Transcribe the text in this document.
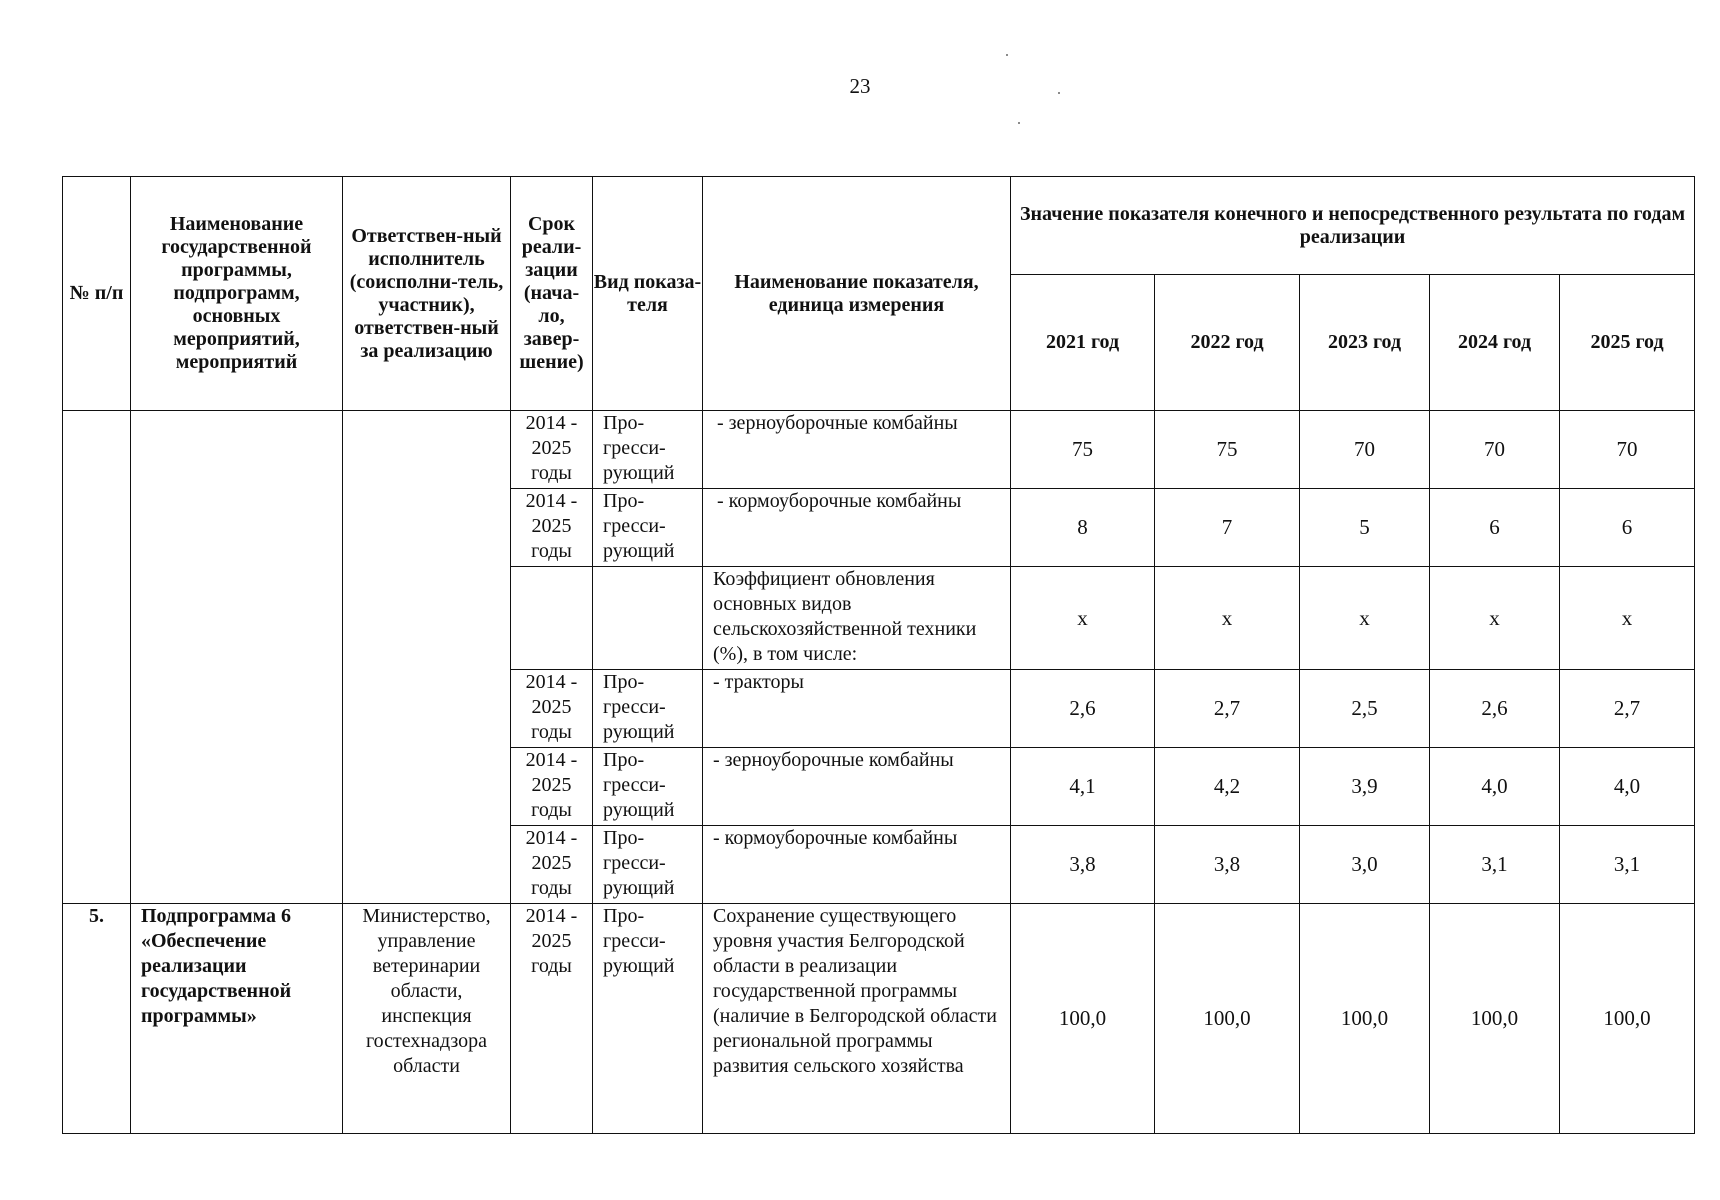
23
№ п/п	Наименование государственной программы, подпрограмм, основных мероприятий, мероприятий	Ответствен-ный исполнитель (соисполни-тель, участник), ответствен-ный за реализацию	Срок реали-зации (нача-ло, завер-шение)	Вид показа-теля	Наименование показателя, единица измерения	Значение показателя конечного и непосредственного результата по годам реализации				
						2021 год	2022 год	2023 год	2024 год	2025 год
			2014 - 2025 годы	Про-гресси-рующий	- зерноуборочные комбайны	75	75	70	70	70
			2014 - 2025 годы	Про-гресси-рующий	- кормоуборочные комбайны	8	7	5	6	6
					Коэффициент обновления основных видов сельскохозяйственной техники (%), в том числе:	х	х	х	х	х
			2014 - 2025 годы	Про-гресси-рующий	- тракторы	2,6	2,7	2,5	2,6	2,7
			2014 - 2025 годы	Про-гресси-рующий	- зерноуборочные комбайны	4,1	4,2	3,9	4,0	4,0
			2014 - 2025 годы	Про-гресси-рующий	- кормоуборочные комбайны	3,8	3,8	3,0	3,1	3,1
5.	Подпрограмма 6 «Обеспечение реализации государственной программы»	Министерство, управление ветеринарии области, инспекция гостехнадзора области	2014 - 2025 годы	Про-гресси-рующий	Сохранение существующего уровня участия Белгородской области в реализации государственной программы (наличие в Белгородской области региональной программы развития сельского хозяйства	100,0	100,0	100,0	100,0	100,0
